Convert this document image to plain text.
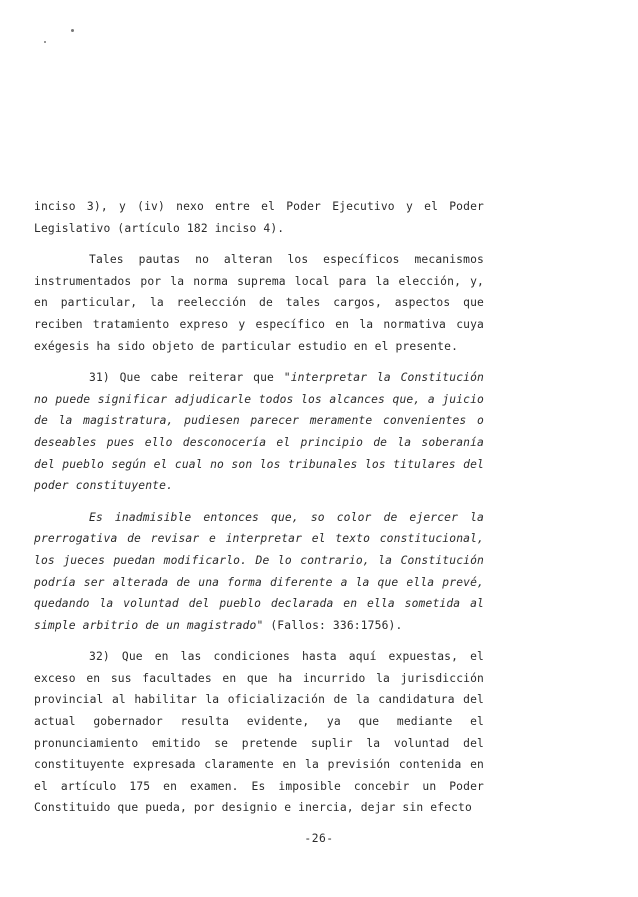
inciso 3), y (iv) nexo entre el Poder Ejecutivo y el Poder Legislativo (artículo 182 inciso 4).

Tales pautas no alteran los específicos mecanismos instrumentados por la norma suprema local para la elección, y, en particular, la reelección de tales cargos, aspectos que reciben tratamiento expreso y específico en la normativa cuya exégesis ha sido objeto de particular estudio en el presente.

31) Que cabe reiterar que "interpretar la Constitución no puede significar adjudicarle todos los alcances que, a juicio de la magistratura, pudiesen parecer meramente convenientes o deseables pues ello desconocería el principio de la soberanía del pueblo según el cual no son los tribunales los titulares del poder constituyente.

Es inadmisible entonces que, so color de ejercer la prerrogativa de revisar e interpretar el texto constitucional, los jueces puedan modificarlo. De lo contrario, la Constitución podría ser alterada de una forma diferente a la que ella prevé, quedando la voluntad del pueblo declarada en ella sometida al simple arbitrio de un magistrado" (Fallos: 336:1756).

32) Que en las condiciones hasta aquí expuestas, el exceso en sus facultades en que ha incurrido la jurisdicción provincial al habilitar la oficialización de la candidatura del actual gobernador resulta evidente, ya que mediante el pronunciamiento emitido se pretende suplir la voluntad del constituyente expresada claramente en la previsión contenida en el artículo 175 en examen. Es imposible concebir un Poder Constituido que pueda, por designio e inercia, dejar sin efecto

-26-
